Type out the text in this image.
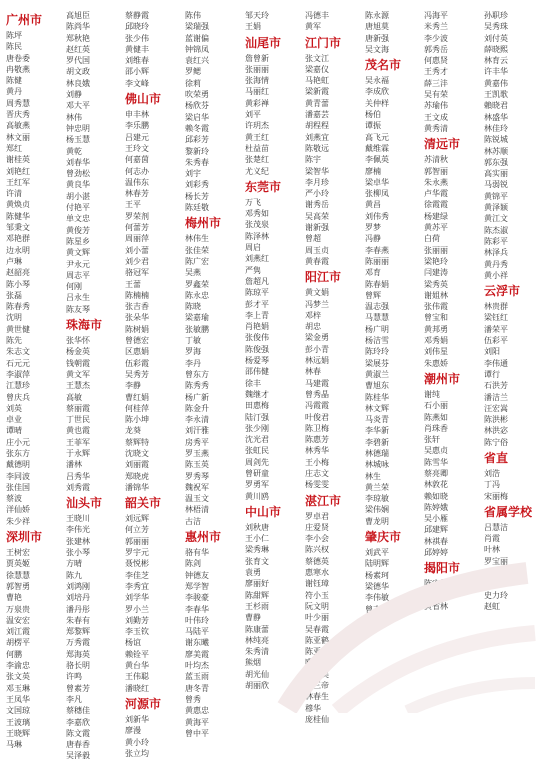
广州市
陈坪
陈民
唐卷委
冉敬燕
陈健
黄丹
周秀慧
晋庆秀
高敏燕
林文丽
郑红
谢桂英
刘艳红
王红军
许清
黄焕贞
陈健华
邹秉文
邓艳群
边永明
卢琳
赵韶亮
陈小琴
张磊
陈春秀
沈明
黄世健
陈先
朱志文
石元元
李淑萍
江慧珍
曾庆兵
刘英
卓业
谭晴
庄小元
张东方
戴德明
李同波
张佳国
蔡波
洋仙娇
朱少祥
深圳市
王树宏
贾英姬
徐慧慧
郭智勇
曹艳
万泉贵
温安宏
刘江霞
胡楞平
何鹏
李渝忠
张文英
邓玉琳
王凤华
文国琼
王波璃
王晓辉
马琳
高旭臣
陈尚华
郑秋艳
赵红英
罗代国
胡文政
林良娥
刘静
邓大平
林伟
钟忠明
杨玉慧
黄乾
刘春华
曾劲松
黄良华
胡小湛
付艳平
单文忠
黄俊芳
陈星乡
黄文辉
尹永元
周志平
何刚
吕永生
陈友琴
珠海市
张华怀
杨金英
钱朝霞
黄文军
王慧杰
高敏
蔡丽霞
丁世民
黄也霞
王菲军
于永辉
潘林
吕秀华
刘秀霞
汕头市
王晓川
李伟光
张建林
张小琴
方晴
陈九
刘鸿刚
刘培丹
潘丹彤
朱春有
郑黎辉
万秀霞
郑海英
骆长明
许鸣
曾素芳
李凡
蔡穗佳
李嘉欣
陈文霞
唐春香
吴泽毅
蔡静霞
邱晓玲
张少伟
黄健丰
刘维春
邵小辉
李文峰
佛山市
申丰林
李乐鹏
吕建元
王玲文
何嘉茵
何志办
温伟东
林春芳
王平
罗荣剂
何蕾芳
周丽萍
刘小蕾
刘少君
骆冠军
王蕾
陈楠楠
张吉香
张朵华
陈树娟
曾德宏
区惠娟
伍彩霞
吴秀芳
李静
曹红娟
何桂萍
陈小坤
龙葵
蔡辉特
沈晓文
刘丽霞
郑晓虎
潘锦华
韶关市
刘远辉
何立芳
郭丽丽
罗宇元
聂悦彬
李佳芝
李秀宜
刘学华
罗小兰
刘勤芳
李玉钦
杨谊
赖铨平
黄台华
王伟聪
潘晓红
河源市
刘新华
廖漫
黄小玲
张立均
陈伟
梁瑞强
蓝谢偏
钟锦凤
袁红兴
罗鳃
徐莉
吹荣勇
杨欣芬
梁启华
赖冬霞
邱彩芳
黎新玲
朱秀春
刘宇
刘彩秀
杨长芳
陈廷敬
梅州市
林伟生
张佳荣
陈广宏
吴燕
罗鑫荣
陈永忠
陈晓
梁嘉瑜
张敏鹏
丁敏
罗海
李丹
曾东方
陈秀秀
杨广新
陈金升
李永清
刘汗雅
房秀平
罗玉燕
陈玉英
罗秀琴
魏祝军
温玉文
林梧清
古洁
惠州市
骆有华
陈剑
钟德友
郑学智
李骏豪
李春华
叶伟玲
马陆平
谢东曦
廖美霞
叶均杰
蓝玉雨
唐冬青
曾秀
黄惠忠
黄海平
曾中平
邹天玲
王娟
汕尾市
詹曾新
张丽丽
张海情
马丽红
黄彩禅
刘平
许玥杰
黄王红
杜益苗
张楚红
尤义纪
东莞市
万飞
邓秀如
张茂泉
陈泽林
周启
刘燕红
严隽
詹超凡
陈琼平
彭才平
李上青
肖艳娟
张俊伟
陈俊强
杨爱琴
邵伟健
徐丰
魏继才
田惠梅
陆汀强
张少刚
沈光君
张虹民
周剑先
曾研童
罗勇军
黄川鸥
中山市
刘秋唐
王小仁
梁秀琳
张育文
袁勇
廖丽好
陈甜辉
王杉雨
曹静
陈康蕾
林纯亮
朱秀清
熊烟
胡光仙
胡丽欣
冯德丰
黄军
江门市
张文江
梁嘉仪
马艳虹
梁新霞
黄青蕾
潘嘉芸
胡程程
刘燕宜
陈敬远
陈宇
梁智华
李月珍
严小玲
谢秀岳
吴高荣
谢新强
曾超
周玉贞
黄春霞
阳江市
黄文娟
冯梦兰
邓梓
胡忠
梁金勇
彭小青
林远娟
林春
马建霞
曾秀晶
冯霞霞
叶俊君
陈卫梅
陈惠芳
林秀华
王小梅
庄志文
杨雯雯
湛江市
罗卓君
庄爱贤
李小会
陈兴权
蔡德英
惠寒水
谢钰璋
符小玉
阮文明
叶少丽
吴春霞
陈亚鹤
陈亚军
欧远强
黄德美
陈三帝
林春生
穆华
庞桂仙
陈永源
唐旭莫
唐新强
吴文海
茂名市
吴永福
李成欣
关仲样
杨伯
谭振
高飞元
戴维霖
李佩英
廖楠
梁卓华
张柳凤
黄昌
刘伟秀
罗梦
冯静
李春燕
陈丽丽
邓育
陈春娟
曾辉
温志强
马慧慧
杨广明
杨洁雪
陈玲玲
梁展芬
黄淑兰
曹旭东
陈桂华
林文辉
马炎青
李华新
李碧新
林德瑞
林城咏
林生
黄兰荣
李琼敏
梁伟娴
曹龙明
肇庆市
刘武平
陆明辉
杨素珂
梁德华
李伟敏
曾吉玲
冯海平
米秀兰
李少波
郭秀岳
何惠贤
王秀才
薛三沣
吴有荣
苏瑜伟
王文成
黄秀清
清远市
苏清秋
郭智丽
朱永燕
卢华霞
徐霞霞
杨建绿
黄苏平
白荷
张丽丽
梁艳玲
闫建涛
梁秀英
谢姐林
张伟霞
曾宝和
黄邦勇
邓秀娟
刘伟星
朱惠娇
潮州市
谢纯
石小丽
陈燕如
肖珠香
张轩
吴惠贞
陈雪华
蔡亮卿
林敦花
赖如晓
陈婷娥
吴小雁
邱建辉
林祺春
邱婷婷
揭阳市
陈宏新
张红悦
黄省林
孙职珍
吴秀珠
刘付英
薛晓熙
林育云
许丰华
黄嘉伟
王凯歌
賴晓君
林盛华
林佳玲
陈锐城
林苏顺
郭东强
高实丽
马弱锐
黄锦平
黄泽颖
黄江文
陈杰淑
陈彩平
林泽兵
黄丹秀
黄小祥
云浮市
林贵群
梁钰红
潘荣平
伍彩平
刘阳
李伟通
谭行
石洪芳
潘洁兰
汪宏嵩
陈洪彬
林洪宓
陈宁俗
省直
刘浩
丁冯
宋丽梅
省属学校
吕慧洁
肖霞
叶林
罗宝丽
马德霞
张丹虹
史力玲
赵虹
